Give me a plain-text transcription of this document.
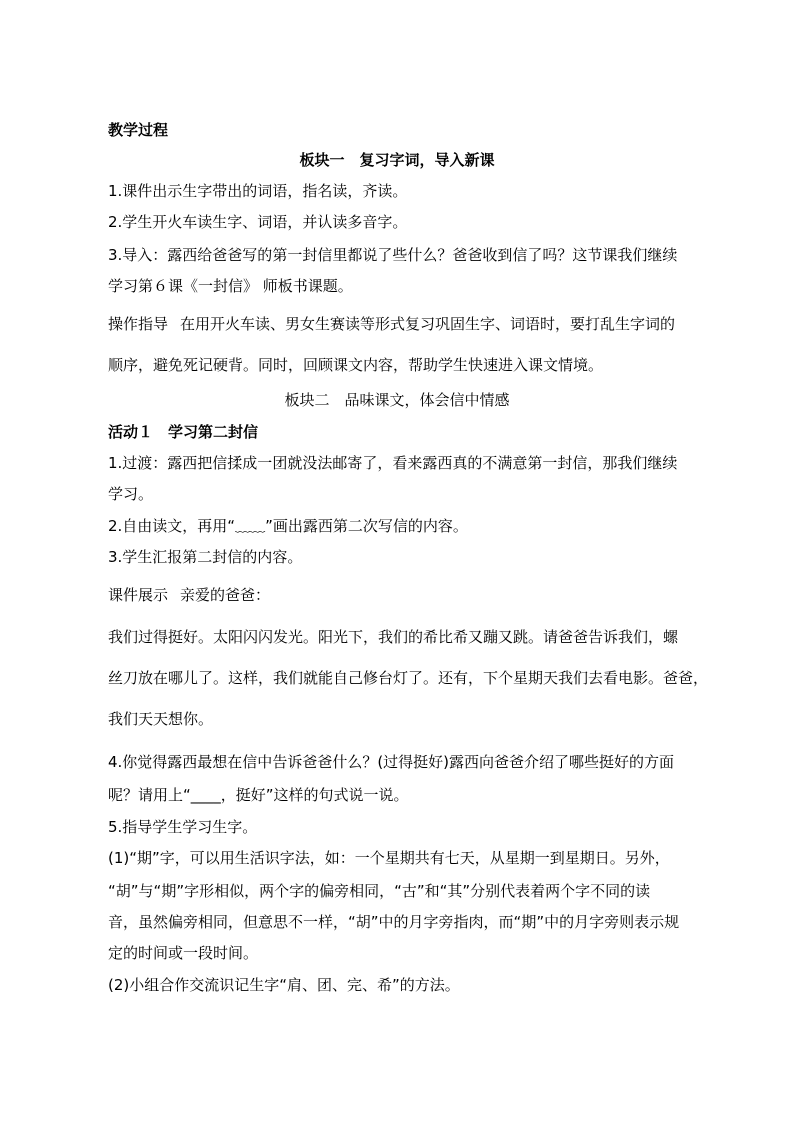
教学过程
板块一　复习字词，导入新课
1.课件出示生字带出的词语，指名读，齐读。
2.学生开火车读生字、词语，并认读多音字。
3.导入：露西给爸爸写的第一封信里都说了些什么？爸爸收到信了吗？这节课我们继续
学习第６课《一封信》 师板书课题。
操作指导 在用开火车读、男女生赛读等形式复习巩固生字、词语时，要打乱生字词的
顺序，避免死记硬背。同时，回顾课文内容，帮助学生快速进入课文情境。
板块二　品味课文，体会信中情感
活动１　学习第二封信
1.过渡：露西把信揉成一团就没法邮寄了，看来露西真的不满意第一封信，那我们继续
学习。
2.自由读文，再用“﹏﹏”画出露西第二次写信的内容。
3.学生汇报第二封信的内容。
课件展示 亲爱的爸爸：
我们过得挺好。太阳闪闪发光。阳光下，我们的希比希又蹦又跳。请爸爸告诉我们，螺
丝刀放在哪儿了。这样，我们就能自己修台灯了。还有，下个星期天我们去看电影。爸爸，
我们天天想你。
4.你觉得露西最想在信中告诉爸爸什么？(过得挺好)露西向爸爸介绍了哪些挺好的方面
呢？请用上“____，挺好”这样的句式说一说。
5.指导学生学习生字。
(1)“期”字，可以用生活识字法，如：一个星期共有七天，从星期一到星期日。另外，
“胡”与“期”字形相似，两个字的偏旁相同，“古”和“其”分别代表着两个字不同的读
音，虽然偏旁相同，但意思不一样，“胡”中的月字旁指肉，而“期”中的月字旁则表示规
定的时间或一段时间。
(2)小组合作交流识记生字“肩、团、完、希”的方法。
